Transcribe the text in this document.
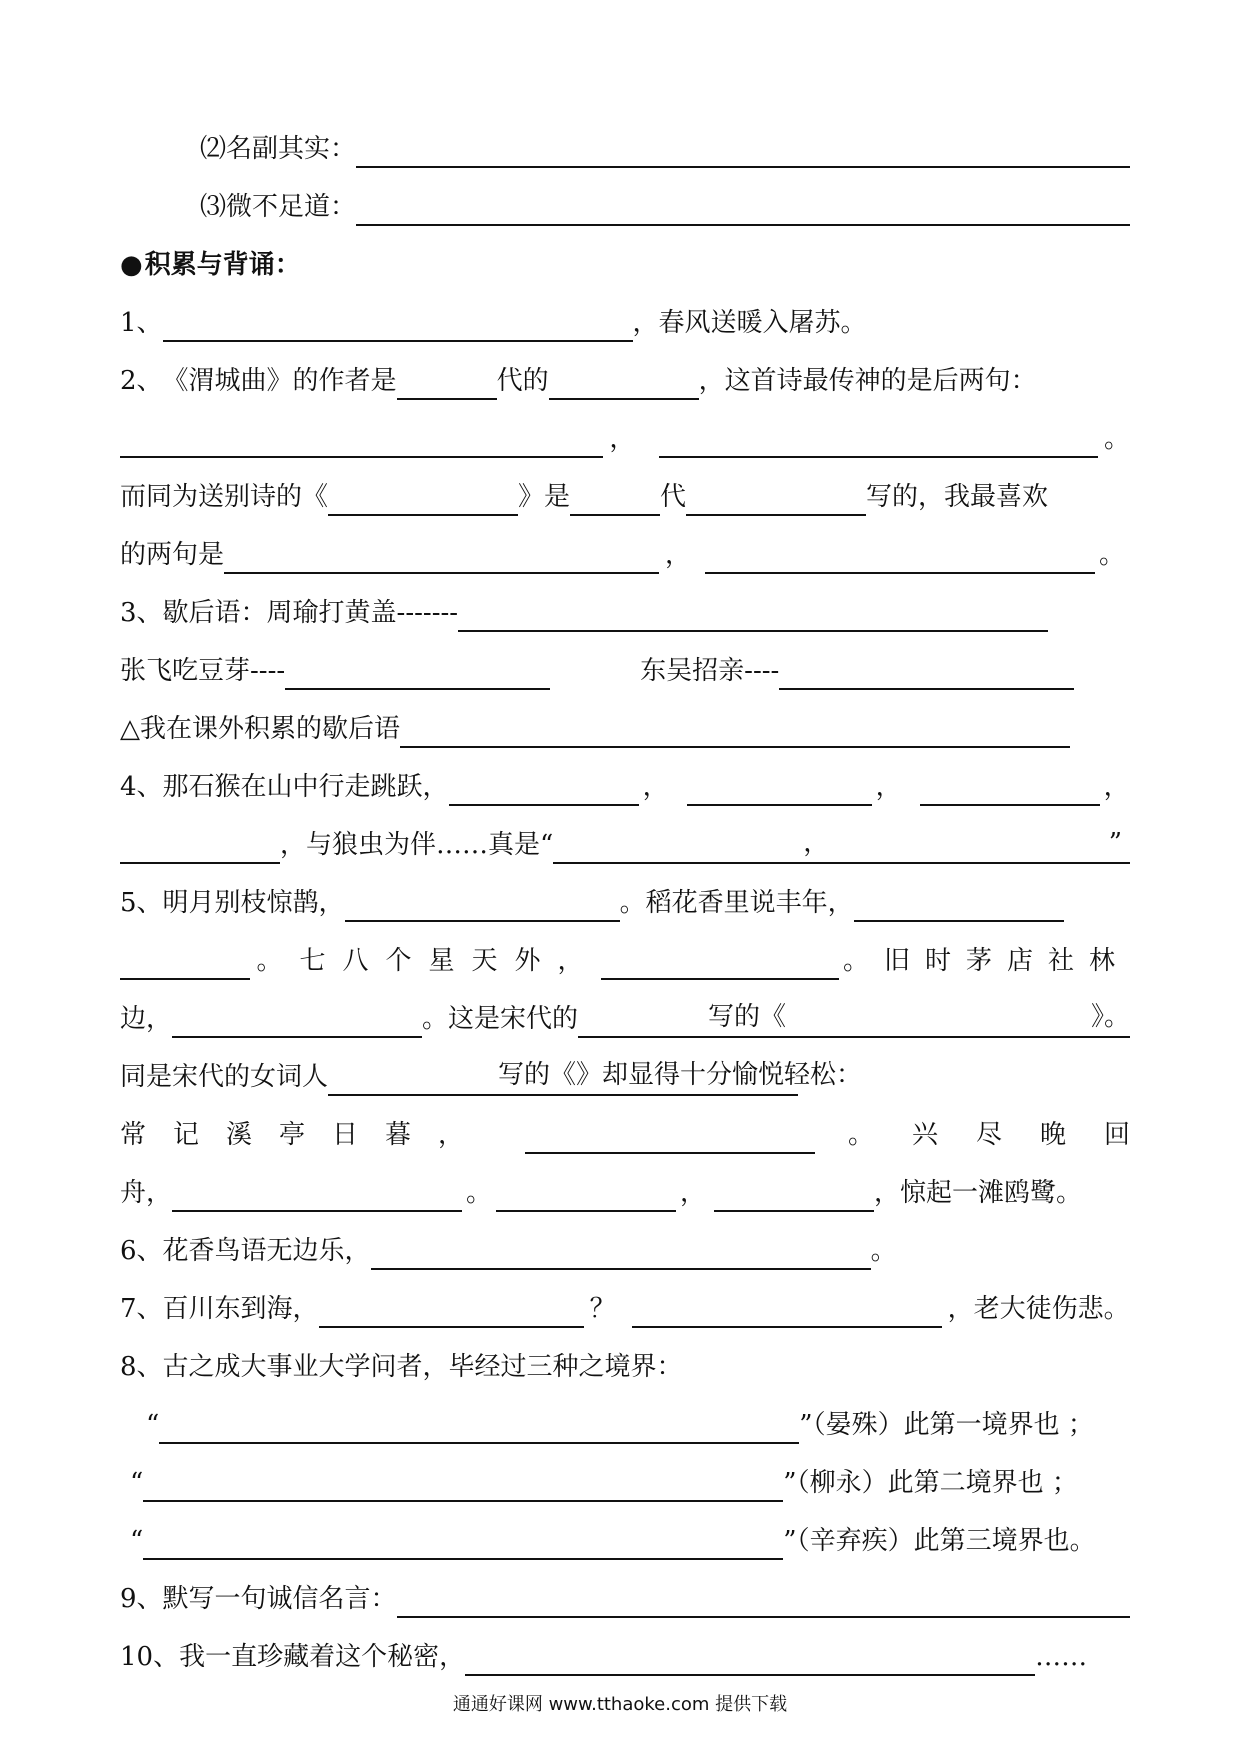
⑵名副其实：
⑶微不足道：
● 积累与背诵：
1、	，春风送暖入屠苏。
2、 《渭城曲》的作者是	代的	，这首诗最传神的是后两句：
，	。
而同为送别诗的《	》是	代	写的，我最喜欢
的两句是	，	。
3、 歇后语：周瑜打黄盖-------
张飞吃豆芽----	东吴招亲----
△我在课外积累的歇后语
4、 那石猴在山中行走跳跃，	，	，	，
，与狼虫为伴……真是“	，	”
5、 明月别枝惊鹊，	。稻花香里说丰年，
。七八个星天外，	。旧时茅店社林
边，	。这是宋代的	写的《	》。
同是宋代的女词人	写的《 》却显得十分愉悦轻松：
常记溪亭日暮，	。兴尽晚回
舟，	。	，	，惊起一滩鸥鹭。
6、 花香鸟语无边乐，	。
7、 百川东到海，	？	，老大徒伤悲。
8、 古之成大事业大学问者，毕经过三种之境界：
“	”（晏殊）此第一境界也 ；
“	”（柳永）此第二境界也 ；
“	”（辛弃疾）此第三境界也。
9、 默写一句诚信名言：
10、 我一直珍藏着这个秘密，	……
通通好课网 www.tthaoke.com 提供下载
